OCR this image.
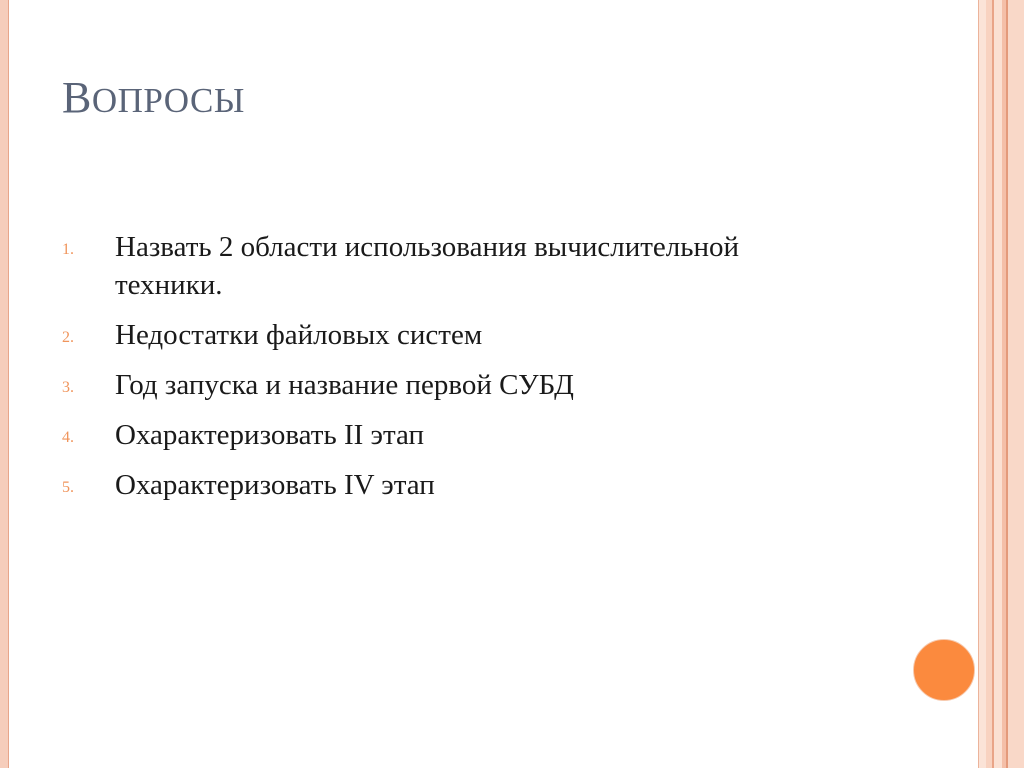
ВОПРОСЫ
1. Назвать 2 области использования вычислительной техники.
2. Недостатки файловых систем
3. Год запуска и название первой СУБД
4. Охарактеризовать II этап
5. Охарактеризовать IV этап
